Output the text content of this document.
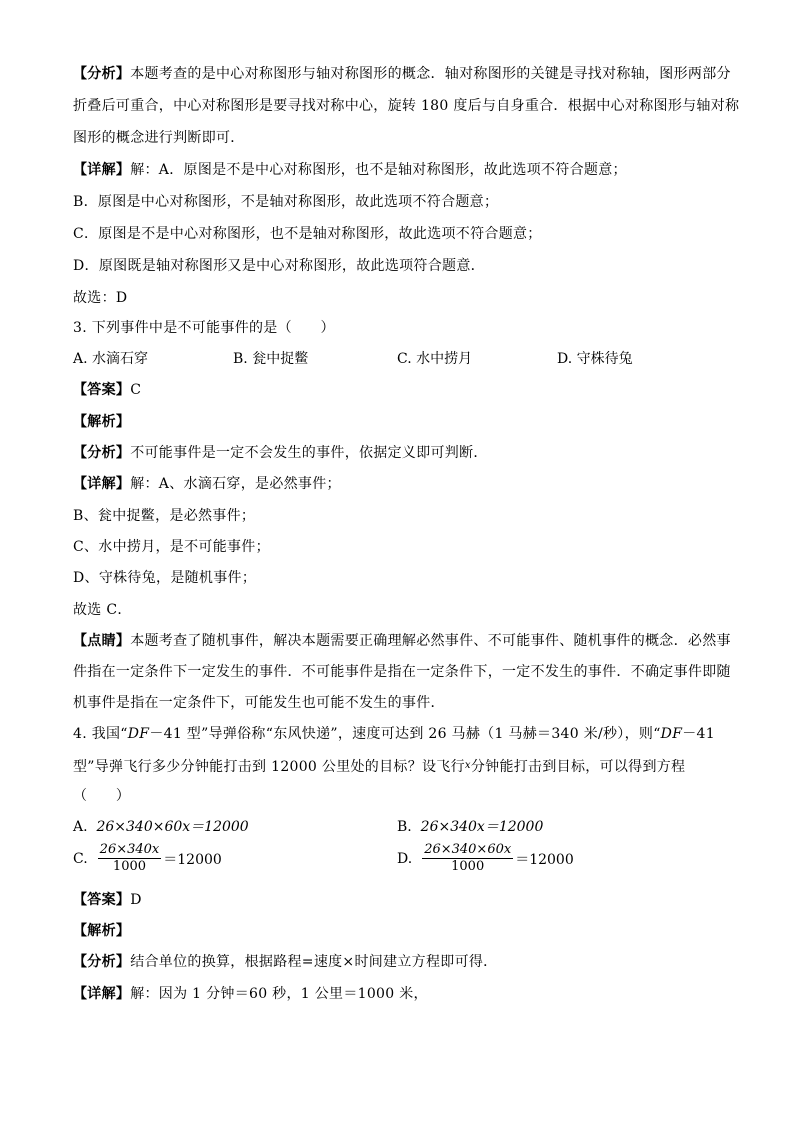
【分析】本题考查的是中心对称图形与轴对称图形的概念．轴对称图形的关键是寻找对称轴，图形两部分
折叠后可重合，中心对称图形是要寻找对称中心，旋转 180 度后与自身重合．根据中心对称图形与轴对称
图形的概念进行判断即可．
【详解】解：A．原图是不是中心对称图形，也不是轴对称图形，故此选项不符合题意；
B．原图是中心对称图形，不是轴对称图形，故此选项不符合题意；
C．原图是不是中心对称图形，也不是轴对称图形，故此选项不符合题意；
D．原图既是轴对称图形又是中心对称图形，故此选项符合题意．
故选：D
3. 下列事件中是不可能事件的是（　　）
A. 水滴石穿	B. 瓮中捉鳖	C. 水中捞月	D. 守株待兔
【答案】C
【解析】
【分析】不可能事件是一定不会发生的事件，依据定义即可判断．
【详解】解：A、水滴石穿，是必然事件；
B、瓮中捉鳖，是必然事件；
C、水中捞月，是不可能事件；
D、守株待兔，是随机事件；
故选 C．
【点睛】本题考查了随机事件，解决本题需要正确理解必然事件、不可能事件、随机事件的概念．必然事
件指在一定条件下一定发生的事件．不可能事件是指在一定条件下，一定不发生的事件．不确定事件即随
机事件是指在一定条件下，可能发生也可能不发生的事件．
4. 我国“DF－41 型”导弹俗称“东风快递”，速度可达到 26 马赫（1 马赫＝340 米/秒），则“DF－41
型”导弹飞行多少分钟能打击到 12000 公里处的目标？设飞行$^x$分钟能打击到目标，可以得到方程
（　　）
A. 26×340×60x＝12000	B. 26×340x＝12000
C. $\frac{26\times 340x}{1000} =12000$	D. $\frac{26\times 340\times 60x}{1000} =12000$
【答案】D
【解析】
【分析】结合单位的换算，根据路程=速度×时间建立方程即可得．
【详解】解：因为 1 分钟＝60 秒，1 公里＝1000 米，
